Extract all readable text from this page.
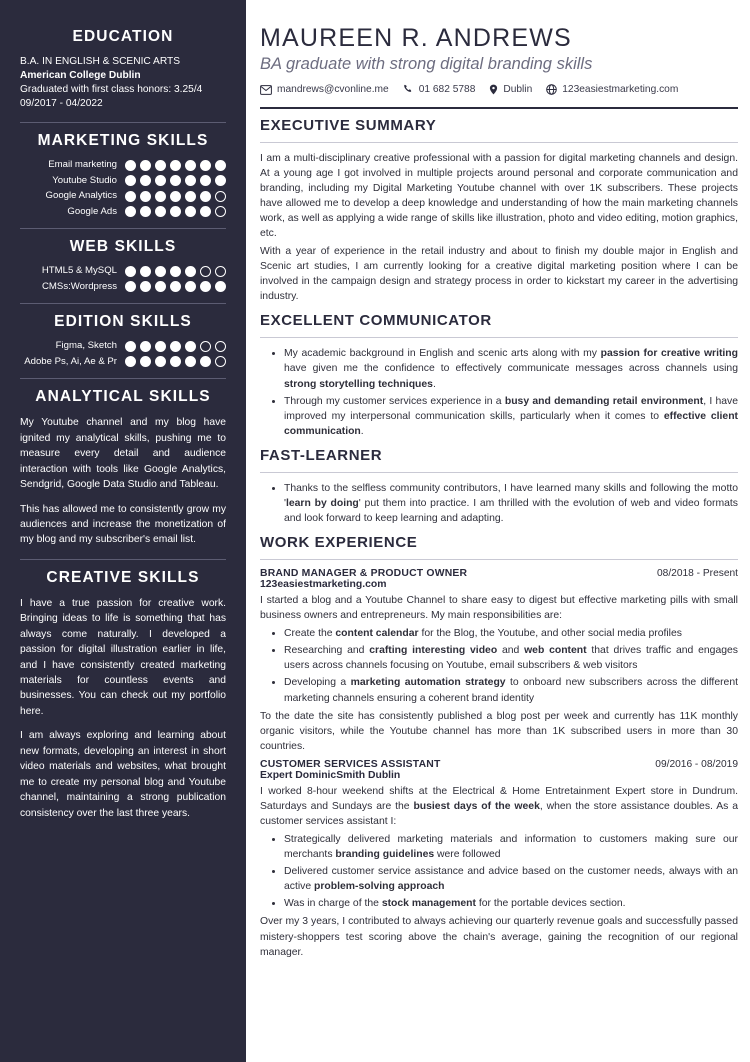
EDUCATION
B.A. IN ENGLISH & SCENIC ARTS
American College Dublin
Graduated with first class honors: 3.25/4
09/2017 - 04/2022
MARKETING SKILLS
Email marketing
Youtube Studio
Google Analytics
Google Ads
WEB SKILLS
HTML5 & MySQL
CMSs:Wordpress
EDITION SKILLS
Figma, Sketch
Adobe Ps, Ai, Ae & Pr
ANALYTICAL SKILLS

My Youtube channel and my blog have ignited my analytical skills, pushing me to measure every detail and audience interaction with tools like Google Analytics, Sendgrid, Google Data Studio and Tableau.

This has allowed me to consistently grow my audiences and increase the monetization of my blog and my subscriber's email list.

CREATIVE SKILLS

I have a true passion for creative work. Bringing ideas to life is something that has always come naturally. I developed a passion for digital illustration earlier in life, and I have consistently created marketing materials for countless events and businesses. You can check out my portfolio here.

I am always exploring and learning about new formats, developing an interest in short video materials and websites, what brought me to create my personal blog and Youtube channel, maintaining a strong publication consistency over the last three years.

MAUREEN R. ANDREWS
BA graduate with strong digital branding skills
mandrews@cvonline.me	01 682 5788	Dublin	123easiestmarketing.com
EXECUTIVE SUMMARY

I am a multi-disciplinary creative professional with a passion for digital marketing channels and design. At a young age I got involved in multiple projects around personal and corporate communication and branding, including my Digital Marketing Youtube channel with over 1K subscribers. These projects have allowed me to develop a deep knowledge and understanding of how the main marketing channels work, as well as applying a wide range of skills like illustration, photo and video editing, motion graphics, etc.

With a year of experience in the retail industry and about to finish my double major in English and Scenic art studies, I am currently looking for a creative digital marketing position where I can be involved in the campaign design and strategy process in order to kickstart my career in the advertising industry.

EXCELLENT COMMUNICATOR
• My academic background in English and scenic arts along with my passion for creative writing have given me the confidence to effectively communicate messages across channels using strong storytelling techniques.
• Through my customer services experience in a busy and demanding retail environment, I have improved my interpersonal communication skills, particularly when it comes to effective client communication.
FAST-LEARNER
• Thanks to the selfless community contributors, I have learned many skills and following the motto 'learn by doing' put them into practice. I am thrilled with the evolution of web and video formats and look forward to keep learning and adapting.
WORK EXPERIENCE
BRAND MANAGER & PRODUCT OWNER	08/2018 - Present
123easiestmarketing.com

I started a blog and a Youtube Channel to share easy to digest but effective marketing pills with small business owners and entrepreneurs. My main responsibilities are:

• Create the content calendar for the Blog, the Youtube, and other social media profiles
• Researching and crafting interesting video and web content that drives traffic and engages users across channels focusing on Youtube, email subscribers & web visitors
• Developing a marketing automation strategy to onboard new subscribers across the different marketing channels ensuring a coherent brand identity

To the date the site has consistently published a blog post per week and currently has 11K monthly organic visitors, while the Youtube channel has more than 1K subscribed users in more than 30 countries.

CUSTOMER SERVICES ASSISTANT	09/2016 - 08/2019
Expert DominicSmith Dublin

I worked 8-hour weekend shifts at the Electrical & Home Entretainment Expert store in Dundrum. Saturdays and Sundays are the busiest days of the week, when the store assistance doubles. As a customer services assistant I:

• Strategically delivered marketing materials and information to customers making sure our merchants branding guidelines were followed
• Delivered customer service assistance and advice based on the customer needs, always with an active problem-solving approach
• Was in charge of the stock management for the portable devices section.

Over my 3 years, I contributed to always achieving our quarterly revenue goals and successfully passed mistery-shoppers test scoring above the chain's average, gaining the recognition of our regional manager.
